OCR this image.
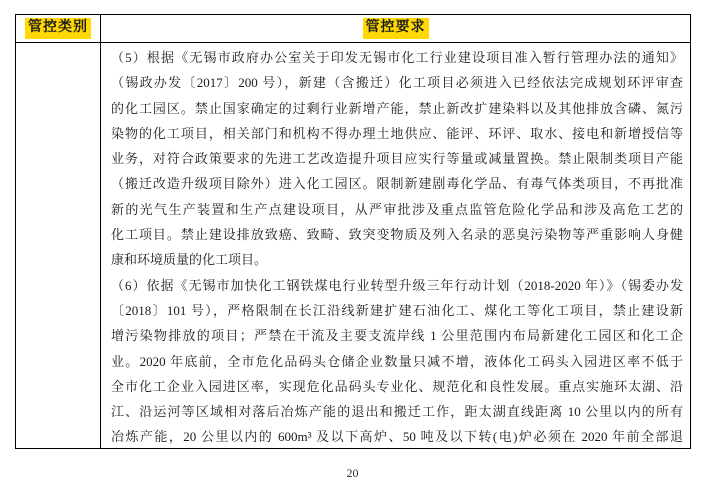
管控类别	管控要求
（5）根据《无锡市政府办公室关于印发无锡市化工行业建设项目准入暂行管理办法的通知》
（锡政办发〔2017〕200 号），新建（含搬迁）化工项目必须进入已经依法完成规划环评审查
的化工园区。禁止国家确定的过剩行业新增产能，禁止新改扩建染料以及其他排放含磷、氮污
染物的化工项目，相关部门和机构不得办理土地供应、能评、环评、取水、接电和新增授信等
业务，对符合政策要求的先进工艺改造提升项目应实行等量或减量置换。禁止限制类项目产能
（搬迁改造升级项目除外）进入化工园区。限制新建剧毒化学品、有毒气体类项目，不再批准
新的光气生产装置和生产点建设项目，从严审批涉及重点监管危险化学品和涉及高危工艺的
化工项目。禁止建设排放致癌、致畸、致突变物质及列入名录的恶臭污染物等严重影响人身健
康和环境质量的化工项目。
（6）依据《无锡市加快化工钢铁煤电行业转型升级三年行动计划（2018-2020 年）》（锡委办发
〔2018〕101 号），严格限制在长江沿线新建扩建石油化工、煤化工等化工项目，禁止建设新
增污染物排放的项目；严禁在干流及主要支流岸线 1 公里范围内布局新建化工园区和化工企
业。2020 年底前，全市危化品码头仓储企业数量只减不增，液体化工码头入园进区率不低于
全市化工企业入园进区率，实现危化品码头专业化、规范化和良性发展。重点实施环太湖、沿
江、沿运河等区域相对落后冶炼产能的退出和搬迁工作，距太湖直线距离 10 公里以内的所有
冶炼产能，20 公里以内的 600m³ 及以下高炉、50 吨及以下转(电)炉必须在 2020 年前全部退
20
